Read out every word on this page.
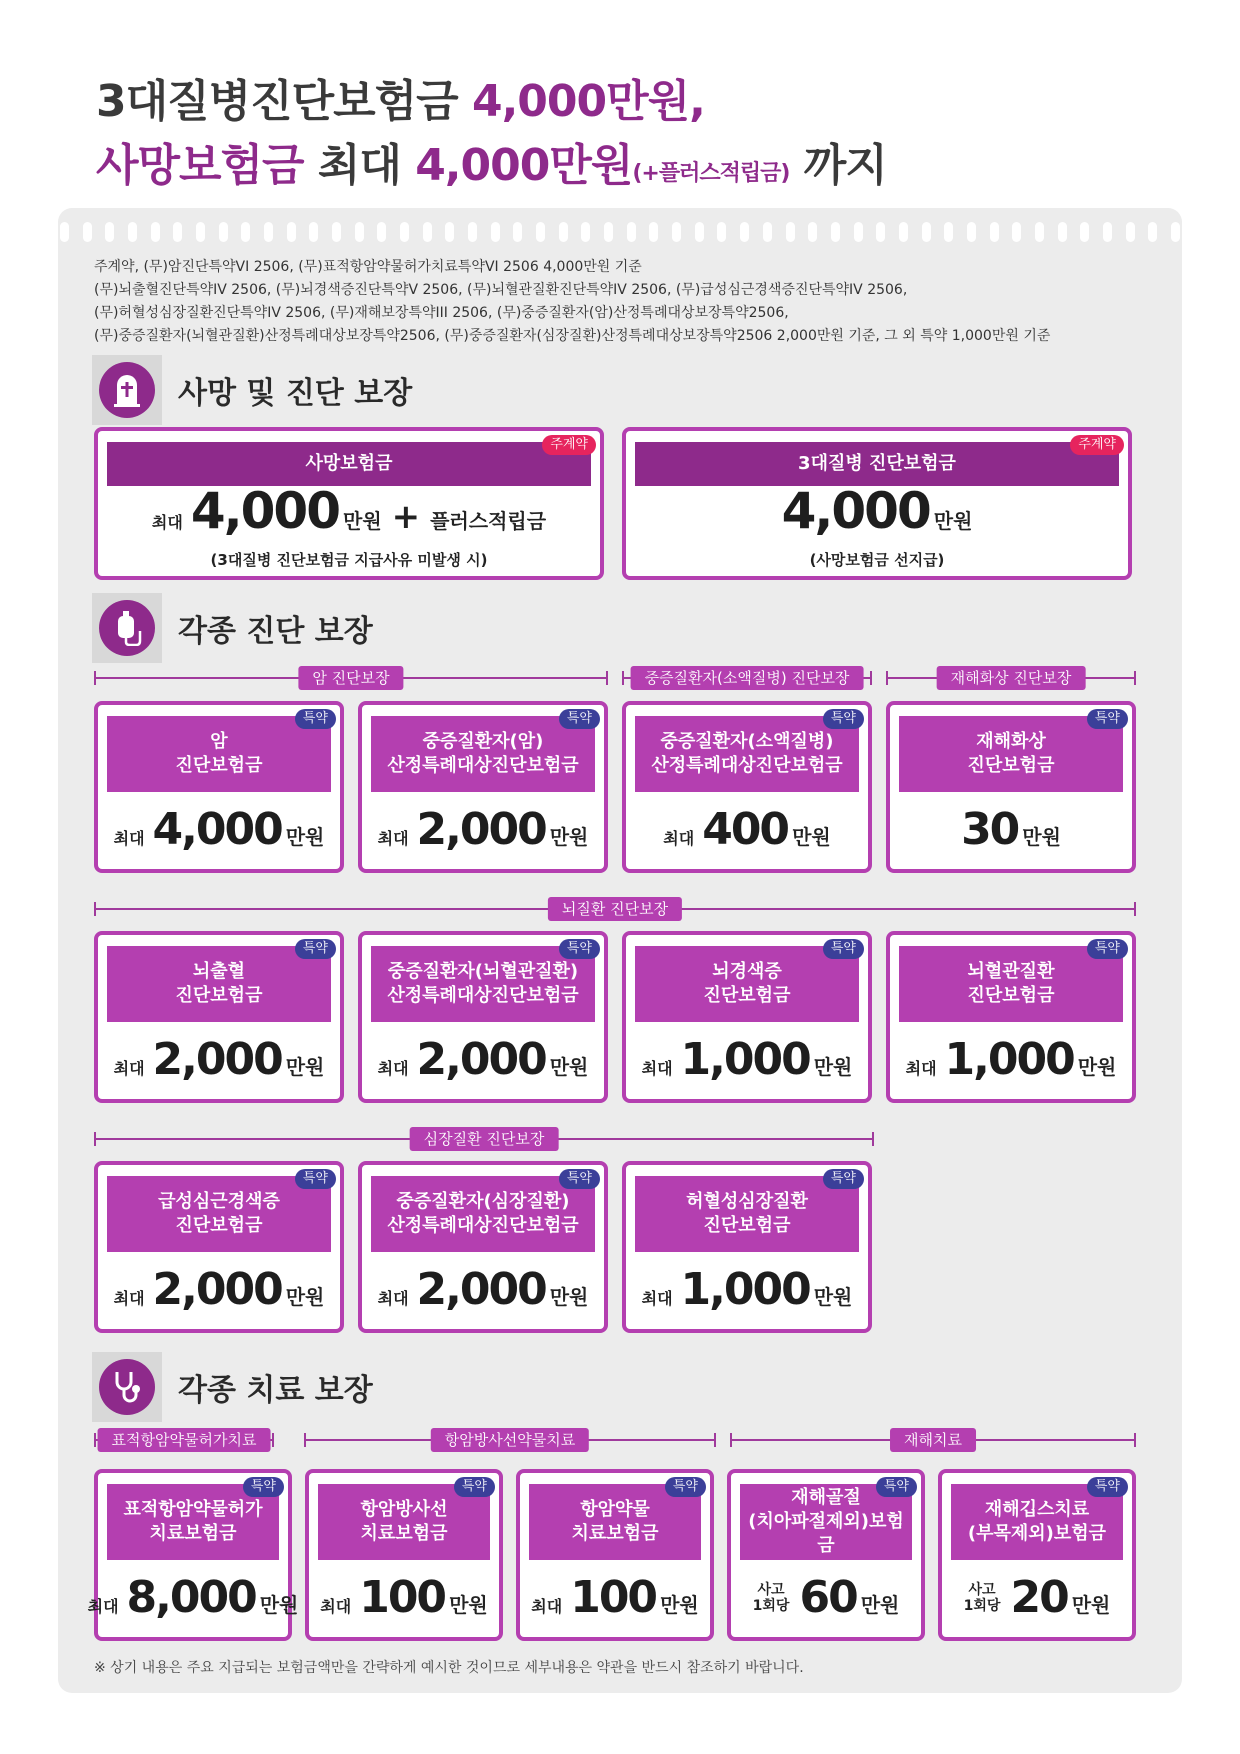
3대질병진단보험금 4,000만원,
사망보험금 최대 4,000만원(+플러스적립금) 까지
주계약, (무)암진단특약VI 2506, (무)표적항암약물허가치료특약VI 2506 4,000만원 기준
(무)뇌출혈진단특약IV 2506, (무)뇌경색증진단특약V 2506, (무)뇌혈관질환진단특약IV 2506, (무)급성심근경색증진단특약IV 2506,
(무)허혈성심장질환진단특약IV 2506, (무)재해보장특약III 2506, (무)중증질환자(암)산정특례대상보장특약2506,
(무)중증질환자(뇌혈관질환)산정특례대상보장특약2506, (무)중증질환자(심장질환)산정특례대상보장특약2506 2,000만원 기준, 그 외 특약 1,000만원 기준
사망 및 진단 보장
주계약
사망보험금
최대 4,000 만원 + 플러스적립금
(3대질병 진단보험금 지급사유 미발생 시)
주계약
3대질병 진단보험금
4,000 만원
(사망보험금 선지급)
각종 진단 보장
암 진단보장	중증질환자(소액질병) 진단보장	재해화상 진단보장
특약
암
진단보험금
최대 4,000 만원
특약
중증질환자(암)
산정특례대상진단보험금
최대 2,000 만원
특약
중증질환자(소액질병)
산정특례대상진단보험금
최대 400 만원
특약
재해화상
진단보험금
30 만원
뇌질환 진단보장
특약
뇌출혈
진단보험금
최대 2,000 만원
특약
중증질환자(뇌혈관질환)
산정특례대상진단보험금
최대 2,000 만원
특약
뇌경색증
진단보험금
최대 1,000 만원
특약
뇌혈관질환
진단보험금
최대 1,000 만원
심장질환 진단보장
특약
급성심근경색증
진단보험금
최대 2,000 만원
특약
중증질환자(심장질환)
산정특례대상진단보험금
최대 2,000 만원
특약
허혈성심장질환
진단보험금
최대 1,000 만원
각종 치료 보장
표적항암약물허가치료	항암방사선약물치료	재해치료
특약
표적항암약물허가
치료보험금
최대 8,000 만원
특약
항암방사선
치료보험금
최대 100 만원
특약
항암약물
치료보험금
최대 100 만원
특약
재해골절
(치아파절제외)보험금
사고
1회당 60 만원
특약
재해깁스치료
(부목제외)보험금
사고
1회당 20 만원
※ 상기 내용은 주요 지급되는 보험금액만을 간략하게 예시한 것이므로 세부내용은 약관을 반드시 참조하기 바랍니다.
